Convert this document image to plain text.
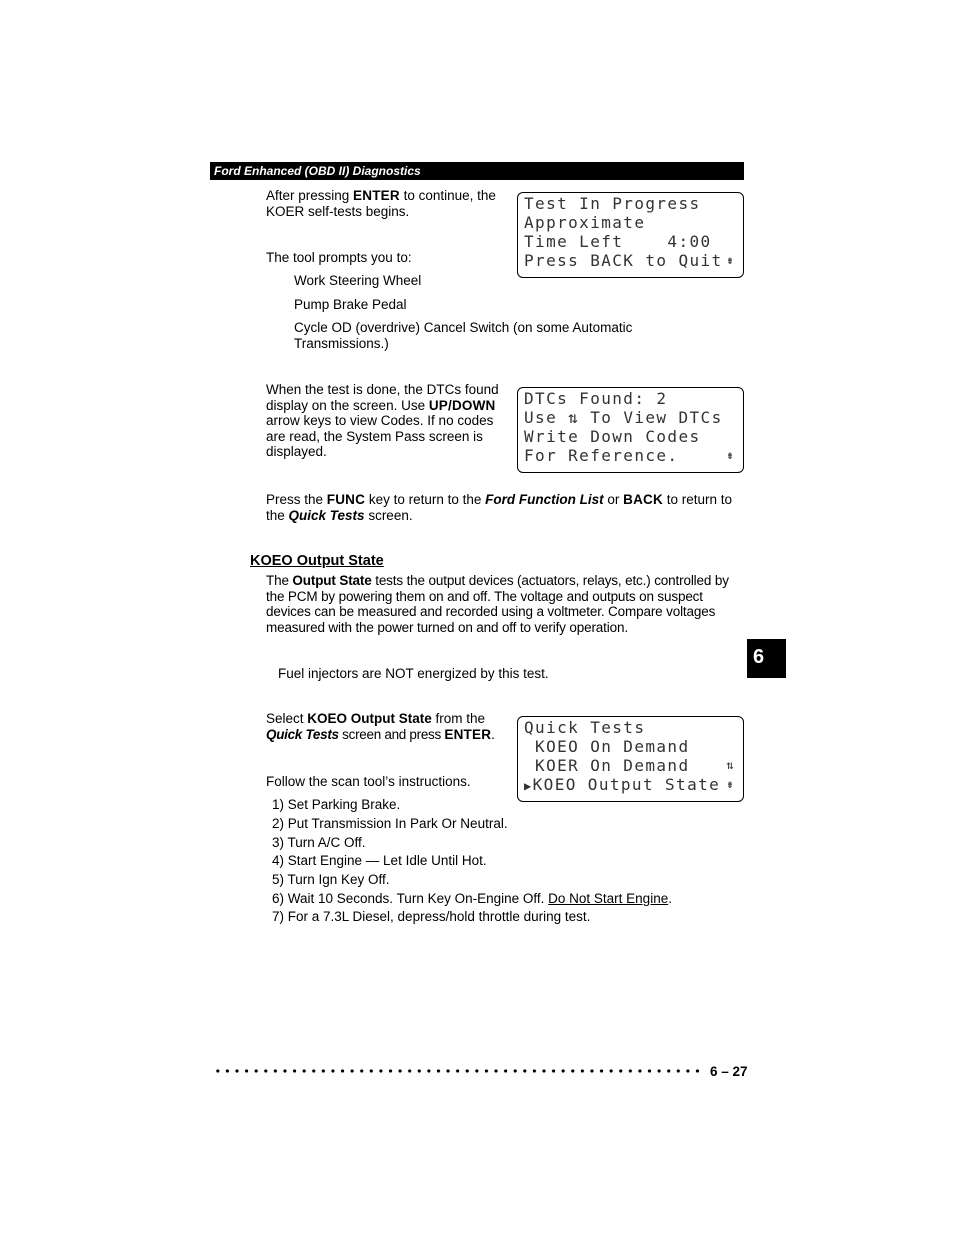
Ford Enhanced (OBD II) Diagnostics
After pressing ENTER to continue, the
KOER self-tests begins.
The tool prompts you to:
Work Steering Wheel
Pump Brake Pedal
Cycle OD (overdrive) Cancel Switch (on some Automatic
Transmissions.)
Test In Progress
Approximate
Time Left    4:00
Press BACK to Quit ⇟
When the test is done, the DTCs found
display on the screen. Use UP/DOWN
arrow keys to view Codes. If no codes
are read, the System Pass screen is
displayed.
DTCs Found: 2
Use ⇅ To View DTCs
Write Down Codes
For Reference.	⇟
Press the FUNC key to return to the Ford Function List or BACK to return to
the Quick Tests screen.
KOEO Output State
The Output State tests the output devices (actuators, relays, etc.) controlled by
the PCM by powering them on and off. The voltage and outputs on suspect
devices can be measured and recorded using a voltmeter. Compare voltages
measured with the power turned on and off to verify operation.
6
Fuel injectors are NOT energized by this test.
Select KOEO Output State from the
Quick Tests screen and press ENTER.
Follow the scan tool’s instructions.
Quick Tests
KOEO On Demand
KOER On Demand	⇅
▶KOEO Output State ⇟
1) Set Parking Brake.
2) Put Transmission In Park Or Neutral.
3) Turn A/C Off.
4) Start Engine — Let Idle Until Hot.
5) Turn Ign Key Off.
6) Wait 10 Seconds. Turn Key On-Engine Off. Do Not Start Engine.
7) For a 7.3L Diesel, depress/hold throttle during test.
6 – 27
